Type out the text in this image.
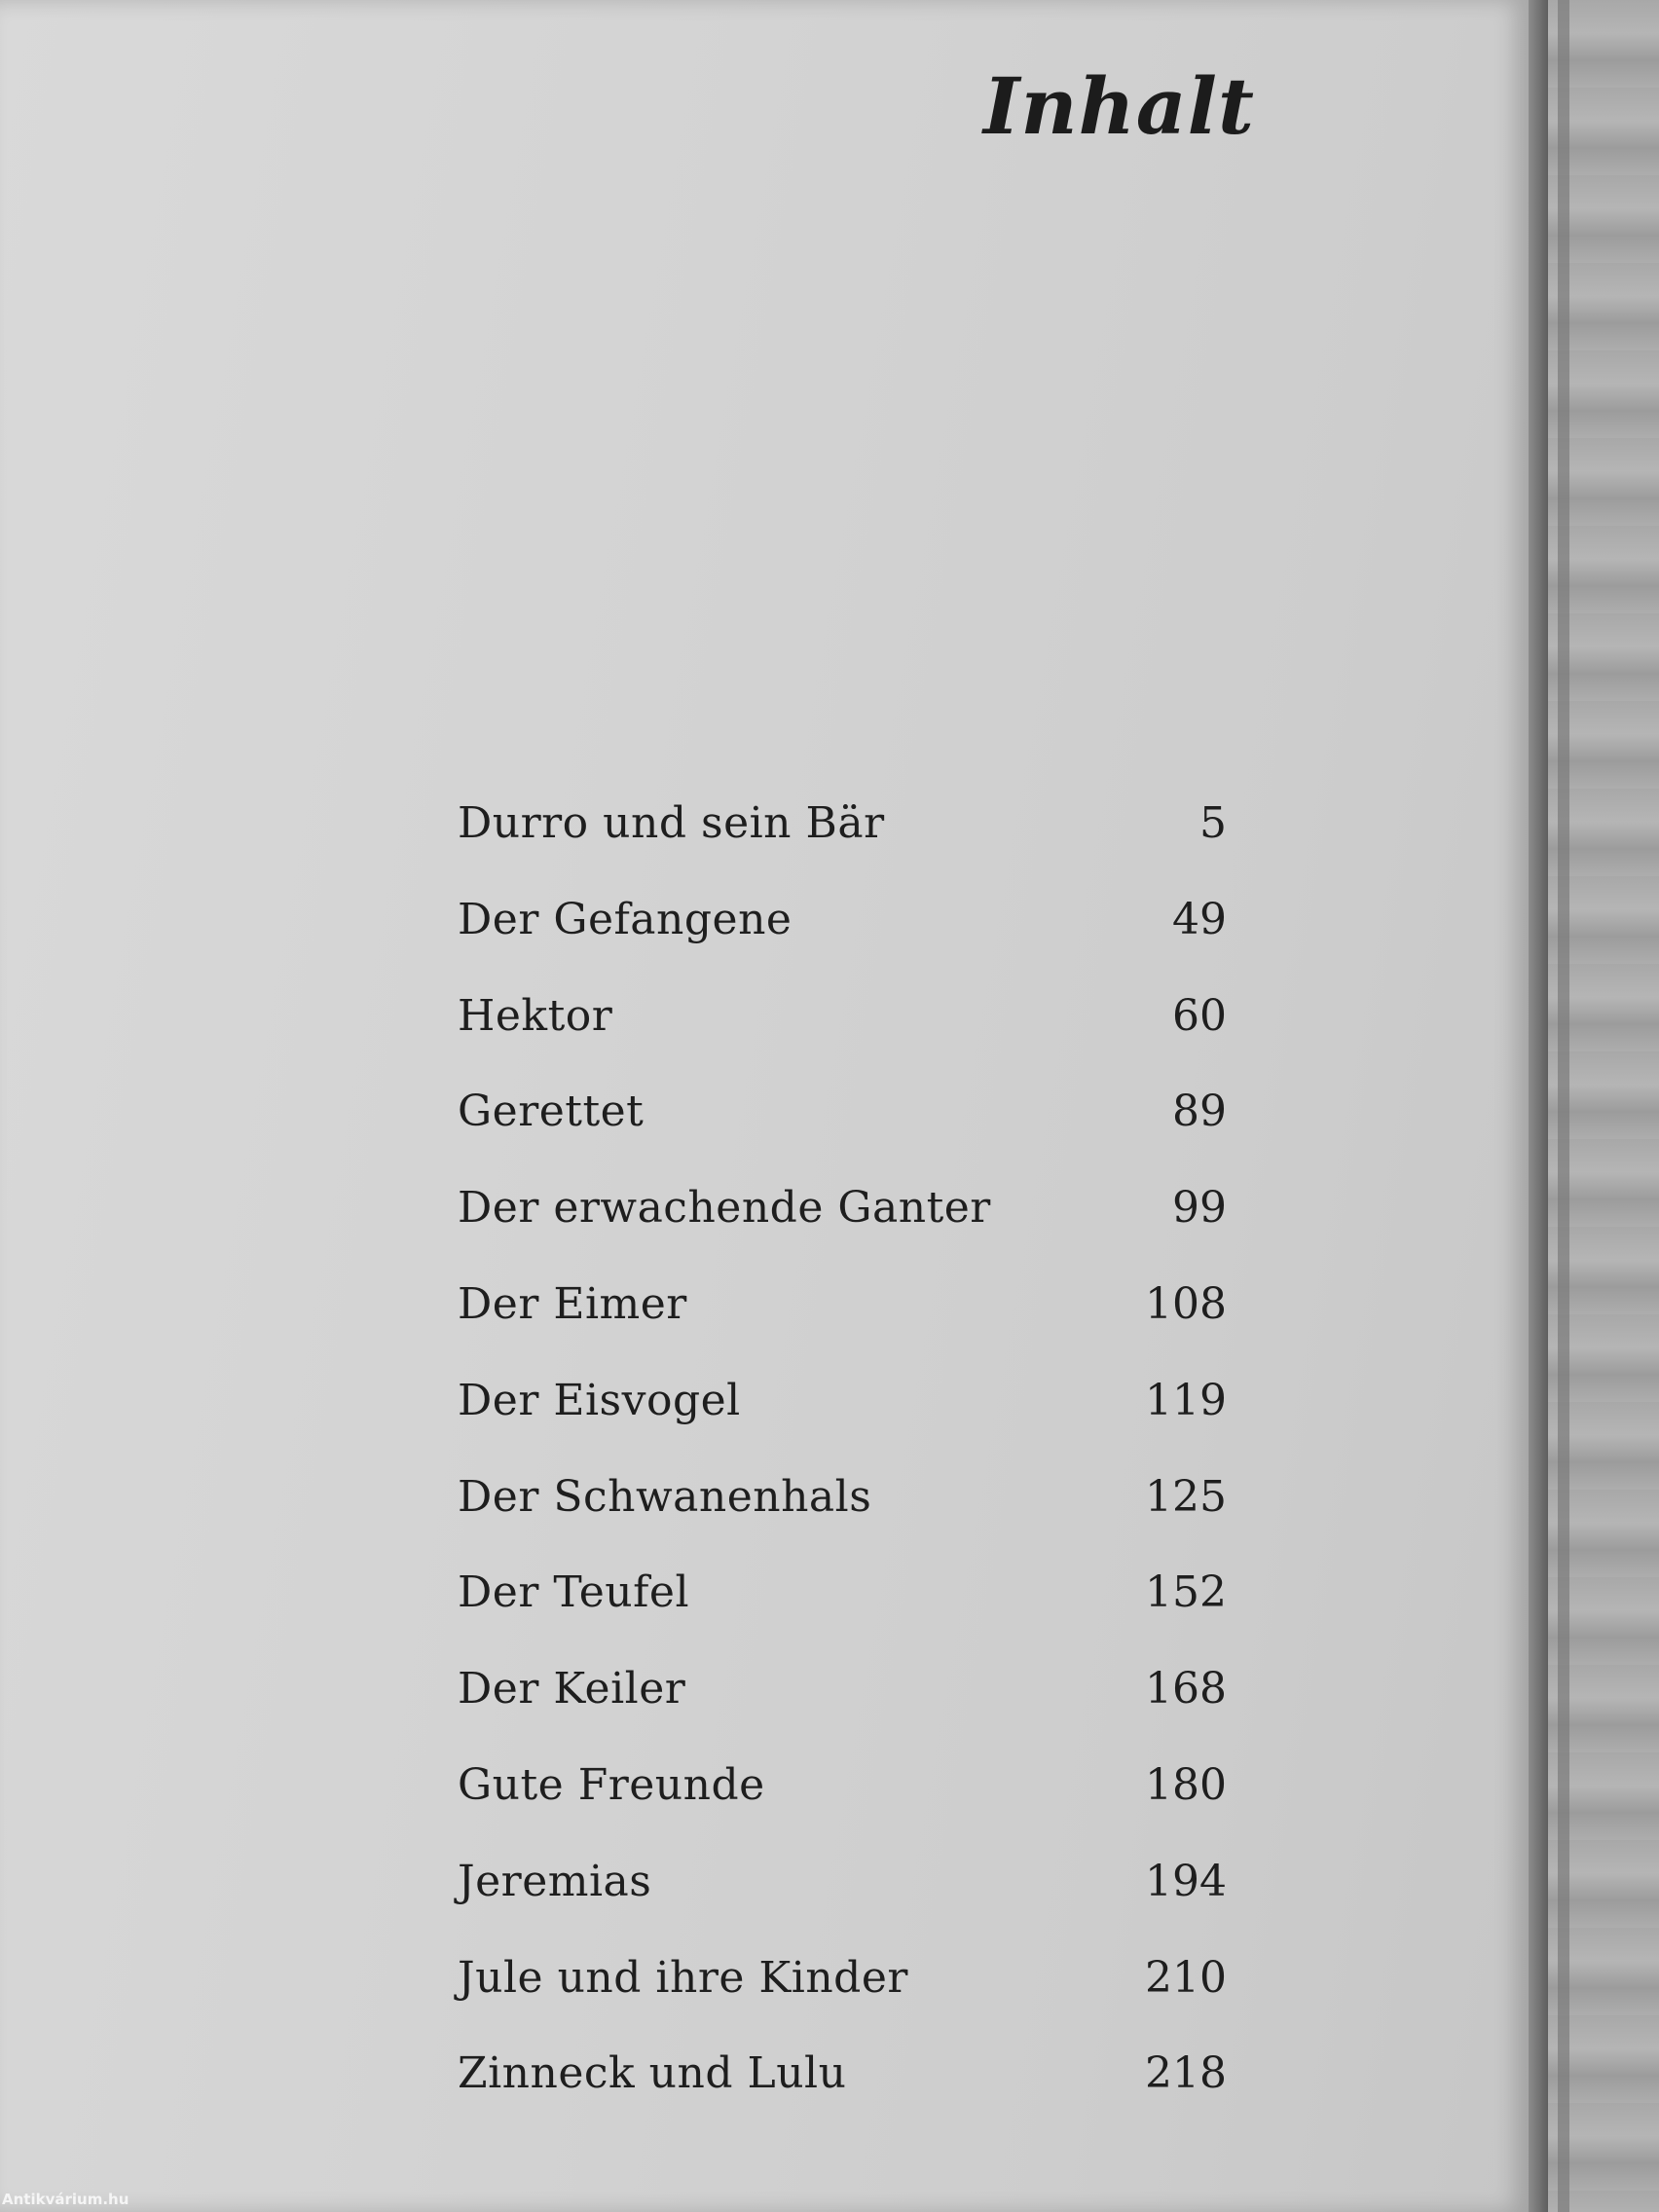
Inhalt
Durro und sein Bär	5
Der Gefangene	49
Hektor	60
Gerettet	89
Der erwachende Ganter	99
Der Eimer	108
Der Eisvogel	119
Der Schwanenhals	125
Der Teufel	152
Der Keiler	168
Gute Freunde	180
Jeremias	194
Jule und ihre Kinder	210
Zinneck und Lulu	218
Antikvárium.hu
